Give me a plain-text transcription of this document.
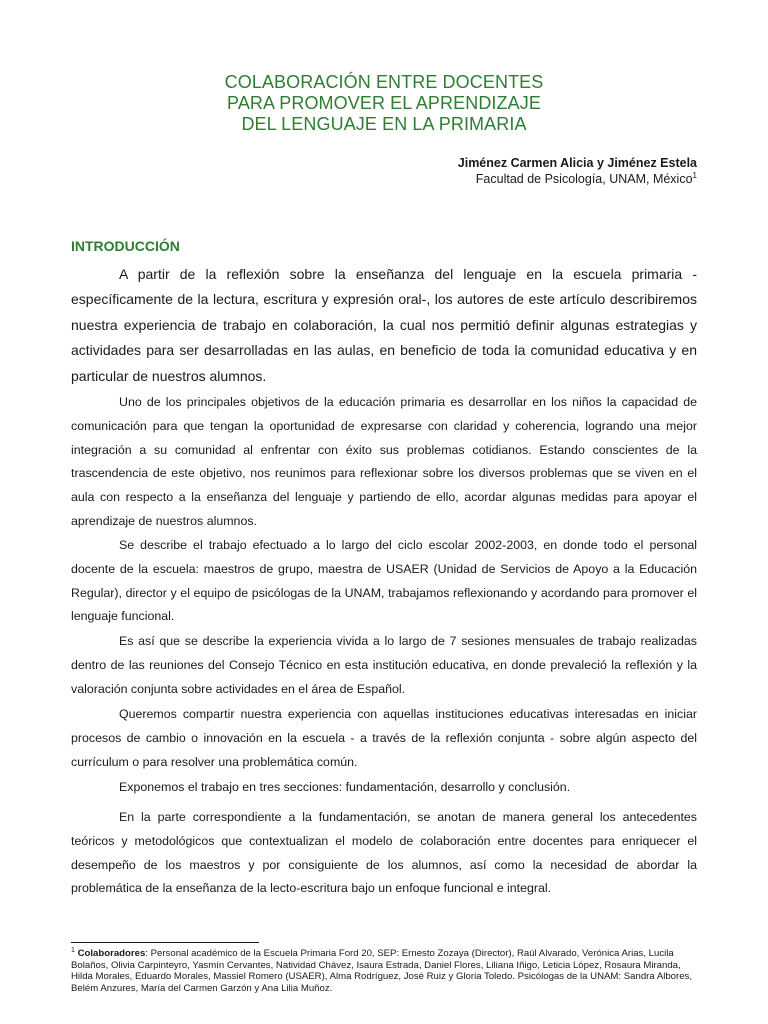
COLABORACIÓN ENTRE DOCENTES
PARA PROMOVER EL APRENDIZAJE
DEL LENGUAJE EN LA PRIMARIA
Jiménez Carmen Alicia y Jiménez Estela
Facultad de Psicología, UNAM, México$^1$
INTRODUCCIÓN

A partir de la reflexión sobre la enseñanza del lenguaje en la escuela primaria -específicamente de la lectura, escritura y expresión oral-, los autores de este artículo describiremos nuestra experiencia de trabajo en colaboración, la cual nos permitió definir algunas estrategias y actividades para ser desarrolladas en las aulas, en beneficio de toda la comunidad educativa y en particular de nuestros alumnos.

Uno de los principales objetivos de la educación primaria es desarrollar en los niños la capacidad de comunicación para que tengan la oportunidad de expresarse con claridad y coherencia, logrando una mejor integración a su comunidad al enfrentar con éxito sus problemas cotidianos. Estando conscientes de la trascendencia de este objetivo, nos reunimos para reflexionar sobre los diversos problemas que se viven en el aula con respecto a la enseñanza del lenguaje y partiendo de ello, acordar algunas medidas para apoyar el aprendizaje de nuestros alumnos.

Se describe el trabajo efectuado a lo largo del ciclo escolar 2002-2003, en donde todo el personal docente de la escuela: maestros de grupo, maestra de USAER (Unidad de Servicios de Apoyo a la Educación Regular), director y el equipo de psicólogas de la UNAM, trabajamos reflexionando y acordando para promover el lenguaje funcional.

Es así que se describe la experiencia vivida a lo largo de 7 sesiones mensuales de trabajo realizadas dentro de las reuniones del Consejo Técnico en esta institución educativa, en donde prevaleció la reflexión y la valoración conjunta sobre actividades en el área de Español.

Queremos compartir nuestra experiencia con aquellas instituciones educativas interesadas en iniciar procesos de cambio o innovación en la escuela - a través de la reflexión conjunta - sobre algún aspecto del currículum o para resolver una problemática común.

Exponemos el trabajo en tres secciones: fundamentación, desarrollo y conclusión.

En la parte correspondiente a la fundamentación, se anotan de manera general los antecedentes teóricos y metodológicos que contextualizan el modelo de colaboración entre docentes para enriquecer el desempeño de los maestros y por consiguiente de los alumnos, así como la necesidad de abordar la problemática de la enseñanza de la lecto-escritura bajo un enfoque funcional e integral.

$^1$ Colaboradores: Personal académico de la Escuela Primaria Ford 20, SEP: Ernesto Zozaya (Director), Raúl Alvarado, Verónica Arias, Lucila Bolaños, Olivia Carpinteyro, Yasmín Cervantes, Natividad Chávez, Isaura Estrada, Daniel Flores, Liliana Iñigo, Leticia López, Rosaura Miranda, Hilda Morales, Eduardo Morales, Massiel Romero (USAER), Alma Rodríguez, José Ruiz y Gloria Toledo. Psicólogas de la UNAM: Sandra Albores, Belém Anzures, María del Carmen Garzón y Ana Lilia Muñoz.
